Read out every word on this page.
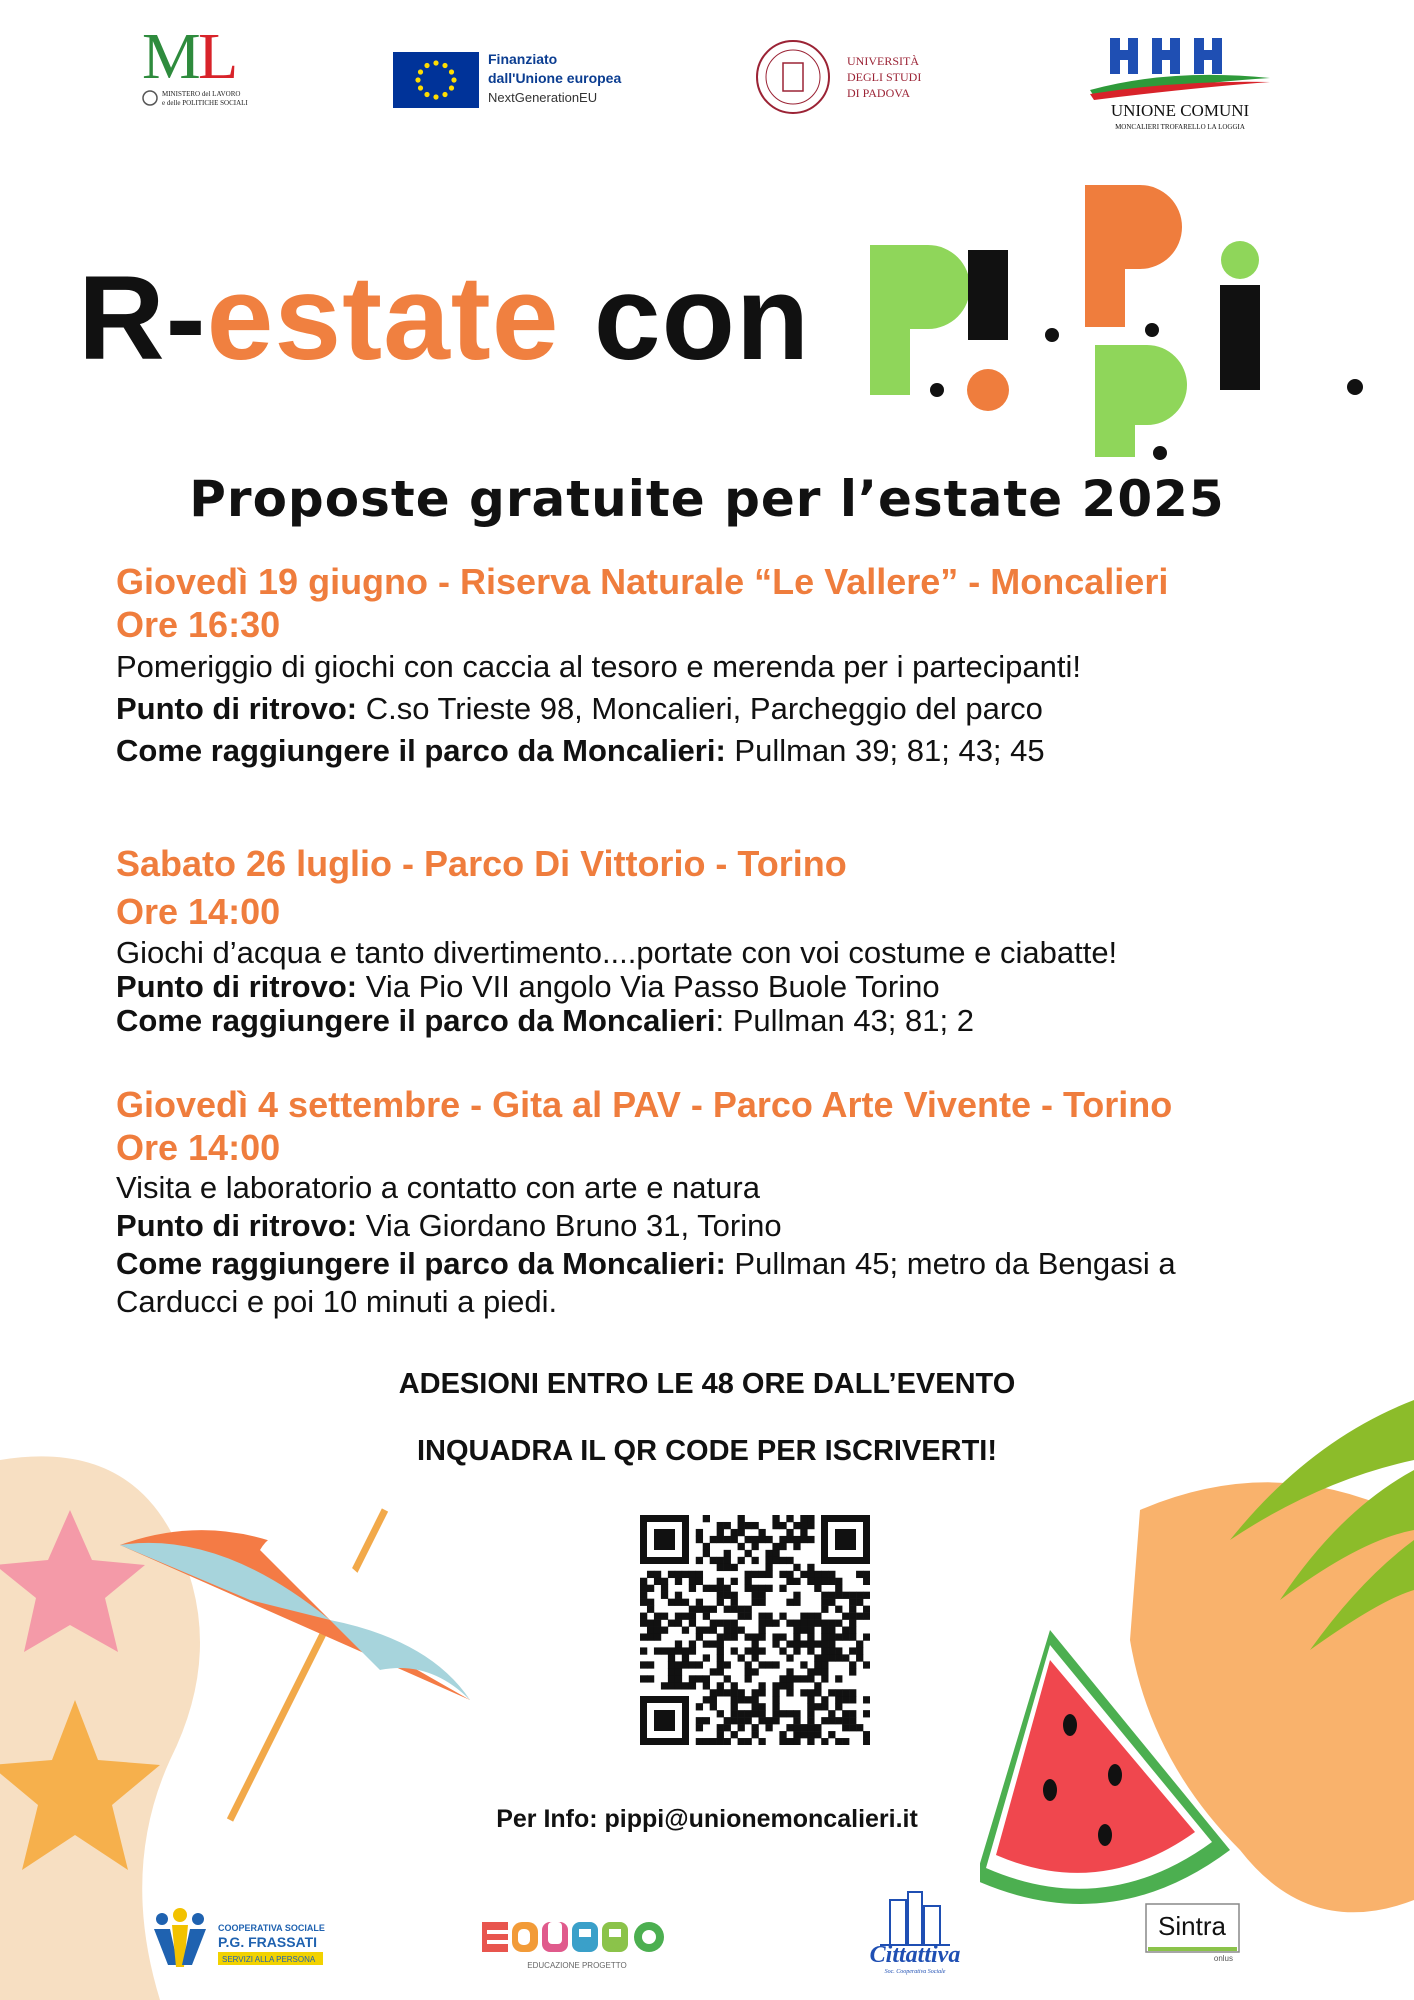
M
L
MINISTERO del LAVORO
e delle POLITICHE SOCIALI
Finanziato
dall'Unione europea
NextGenerationEU
UNIVERSITÀ
DEGLI STUDI
DI PADOVA
UNIONE COMUNI
MONCALIERI TROFARELLO LA LOGGIA
R-estate con
Proposte gratuite per l’estate 2025

Giovedì 19 giugno - Riserva Naturale “Le Vallere” - Moncalieri

Ore 16:30

Pomeriggio di giochi con caccia al tesoro e merenda per i partecipanti!

Punto di ritrovo: C.so Trieste 98, Moncalieri, Parcheggio del parco

Come raggiungere il parco da Moncalieri: Pullman 39; 81; 43; 45

Sabato 26 luglio - Parco Di Vittorio - Torino

Ore 14:00

Giochi d’acqua e tanto divertimento....portate con voi costume e ciabatte!

Punto di ritrovo: Via Pio VII angolo Via Passo Buole Torino

Come raggiungere il parco da Moncalieri: Pullman 43; 81; 2

Giovedì 4 settembre - Gita al PAV - Parco Arte Vivente - Torino

Ore 14:00

Visita e laboratorio a contatto con arte e natura

Punto di ritrovo: Via Giordano Bruno 31, Torino

Come raggiungere il parco da Moncalieri: Pullman 45; metro da Bengasi a Carducci e poi 10 minuti a piedi.

ADESIONI ENTRO LE 48 ORE DALL’EVENTO
INQUADRA IL QR CODE PER ISCRIVERTI!
Per Info: pippi@unionemoncalieri.it
COOPERATIVA SOCIALE
P.G. FRASSATI
SERVIZI ALLA PERSONA
EDUCAZIONE PROGETTO	Cittattiva
Soc. Cooperativa Sociale
Sintra
onlus
